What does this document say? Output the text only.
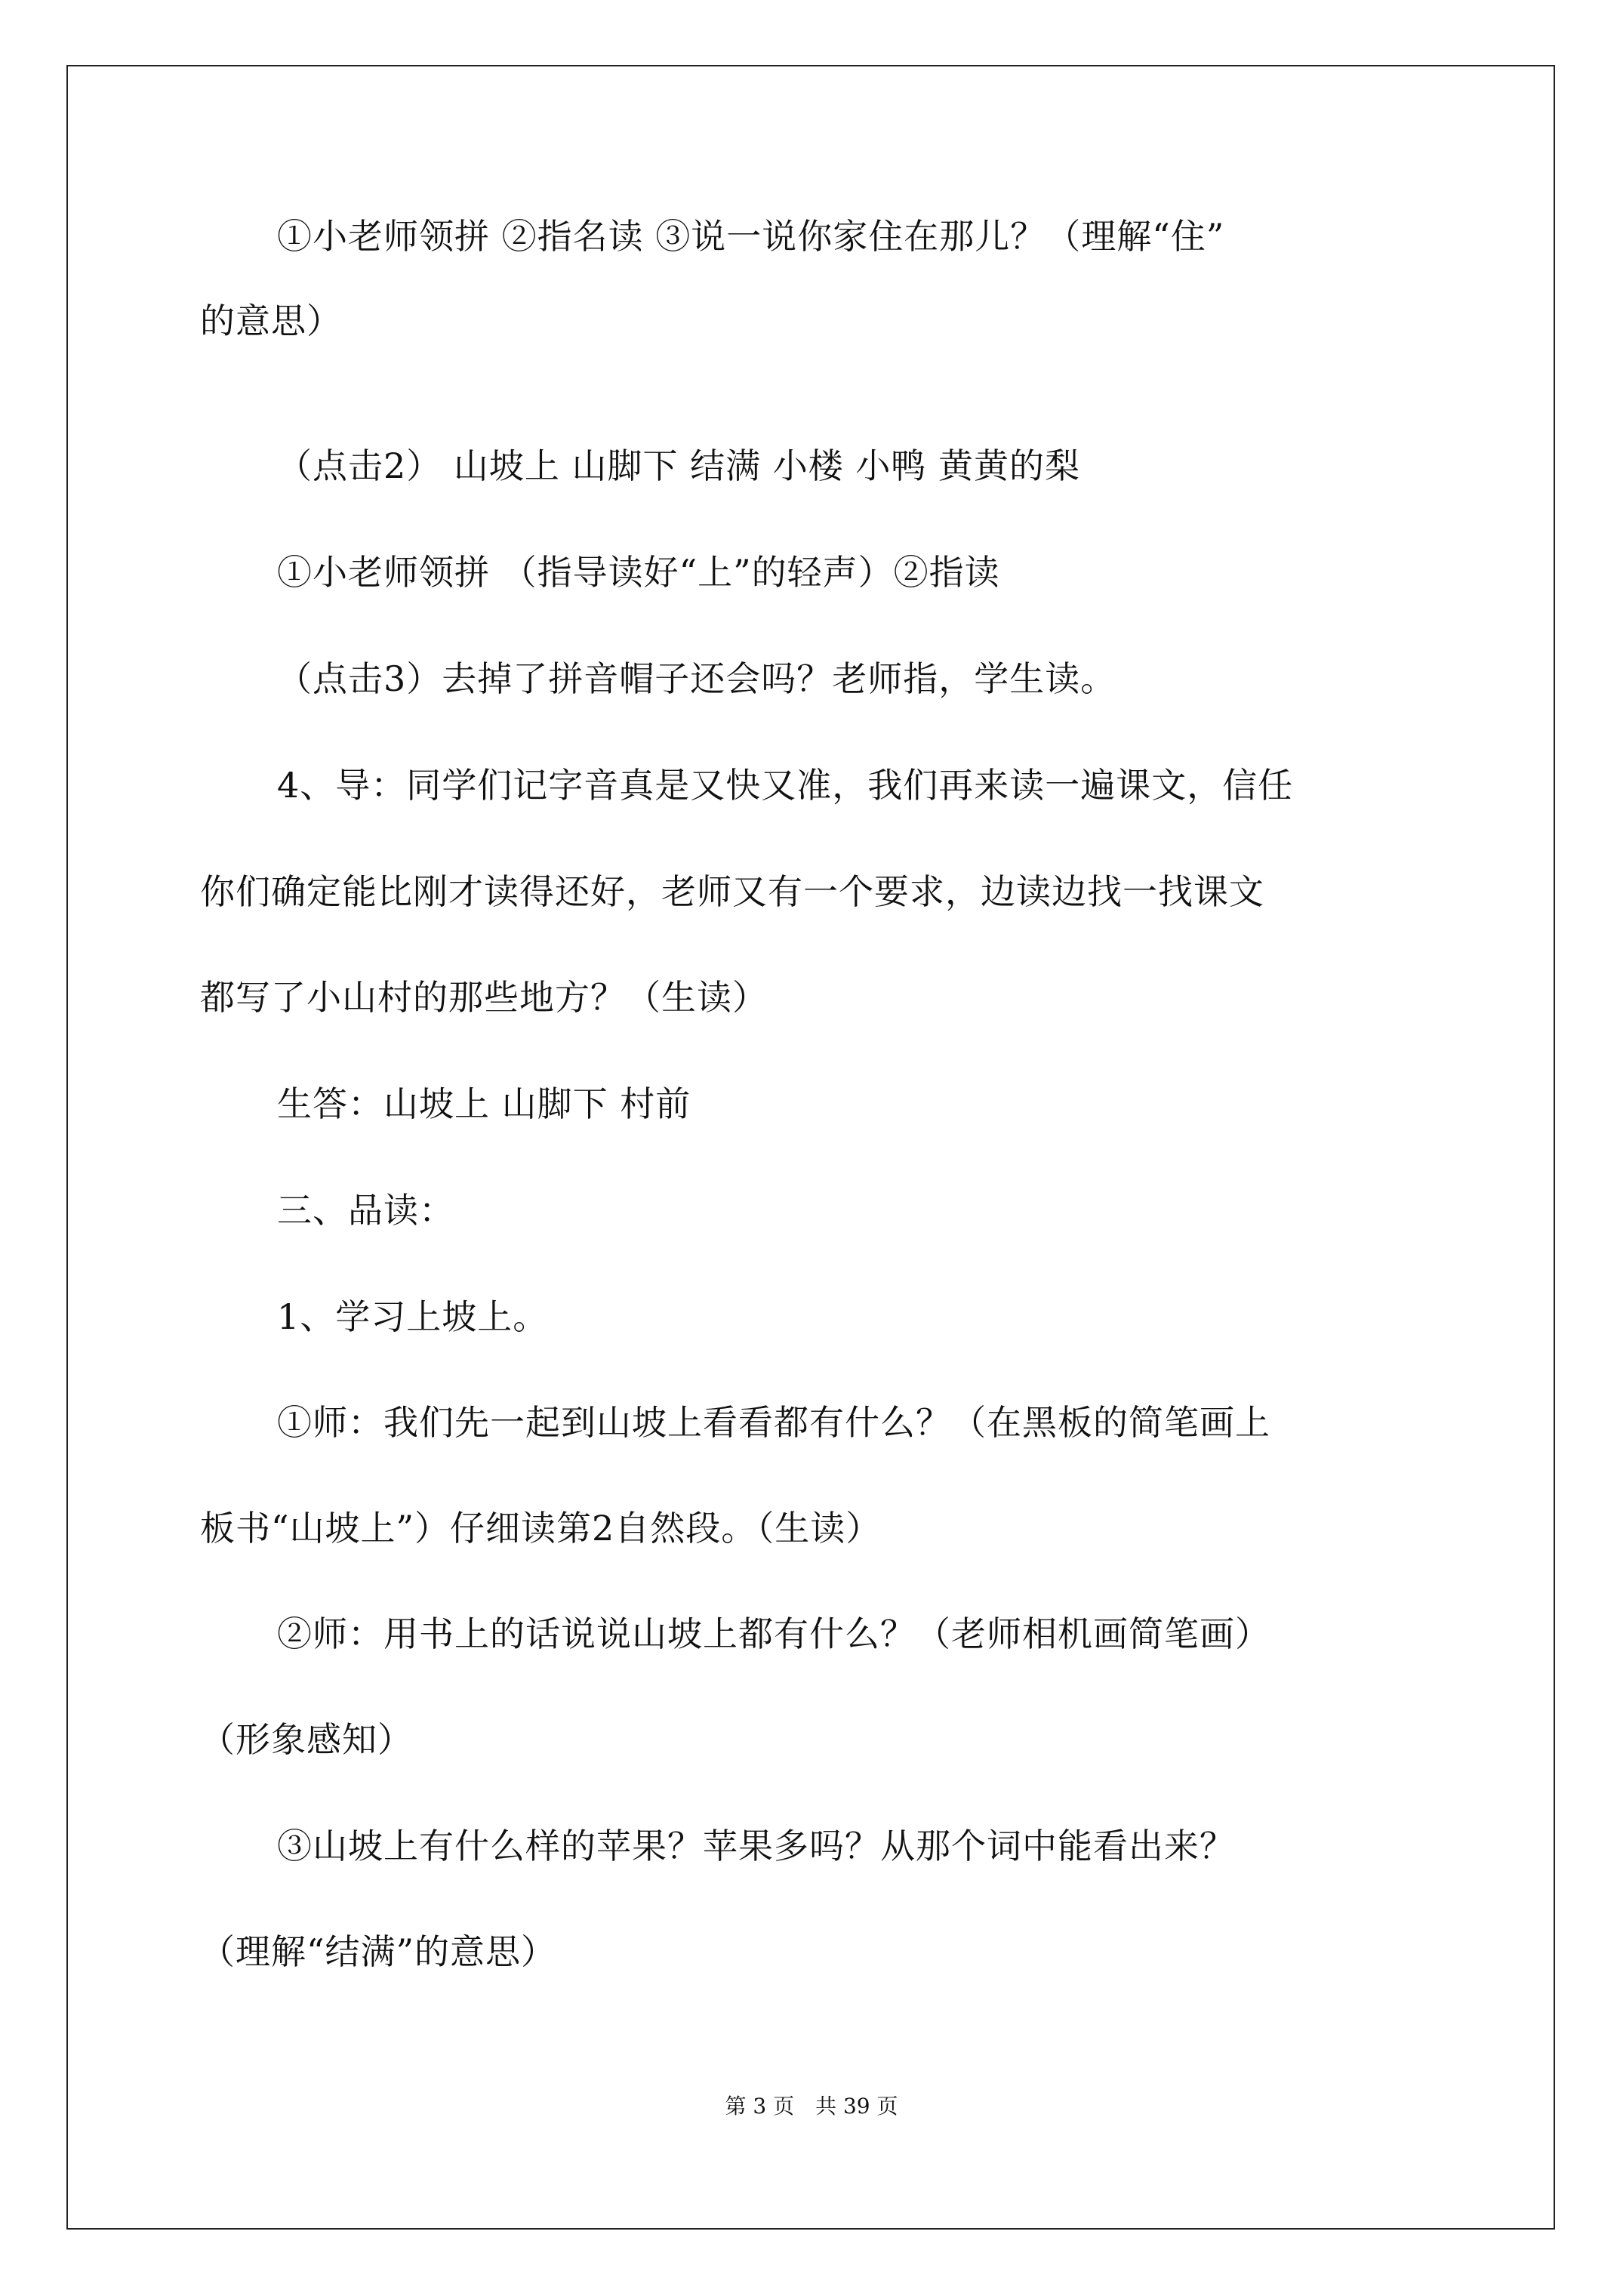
①小老师领拼 ②指名读 ③说一说你家住在那儿？（理解“住”
的意思）
（点击2） 山坡上 山脚下 结满 小楼 小鸭 黄黄的梨
①小老师领拼 （指导读好“上”的轻声）②指读
（点击3）去掉了拼音帽子还会吗？老师指，学生读。
4、导：同学们记字音真是又快又准，我们再来读一遍课文，信任
你们确定能比刚才读得还好，老师又有一个要求，边读边找一找课文
都写了小山村的那些地方？（生读）
生答：山坡上 山脚下 村前
三、品读：
1、学习上坡上。
①师：我们先一起到山坡上看看都有什么？（在黑板的简笔画上
板书“山坡上”）仔细读第2自然段。（生读）
②师：用书上的话说说山坡上都有什么？（老师相机画简笔画）
（形象感知）
③山坡上有什么样的苹果？苹果多吗？从那个词中能看出来？
（理解“结满”的意思）
第 3 页　共 39 页
